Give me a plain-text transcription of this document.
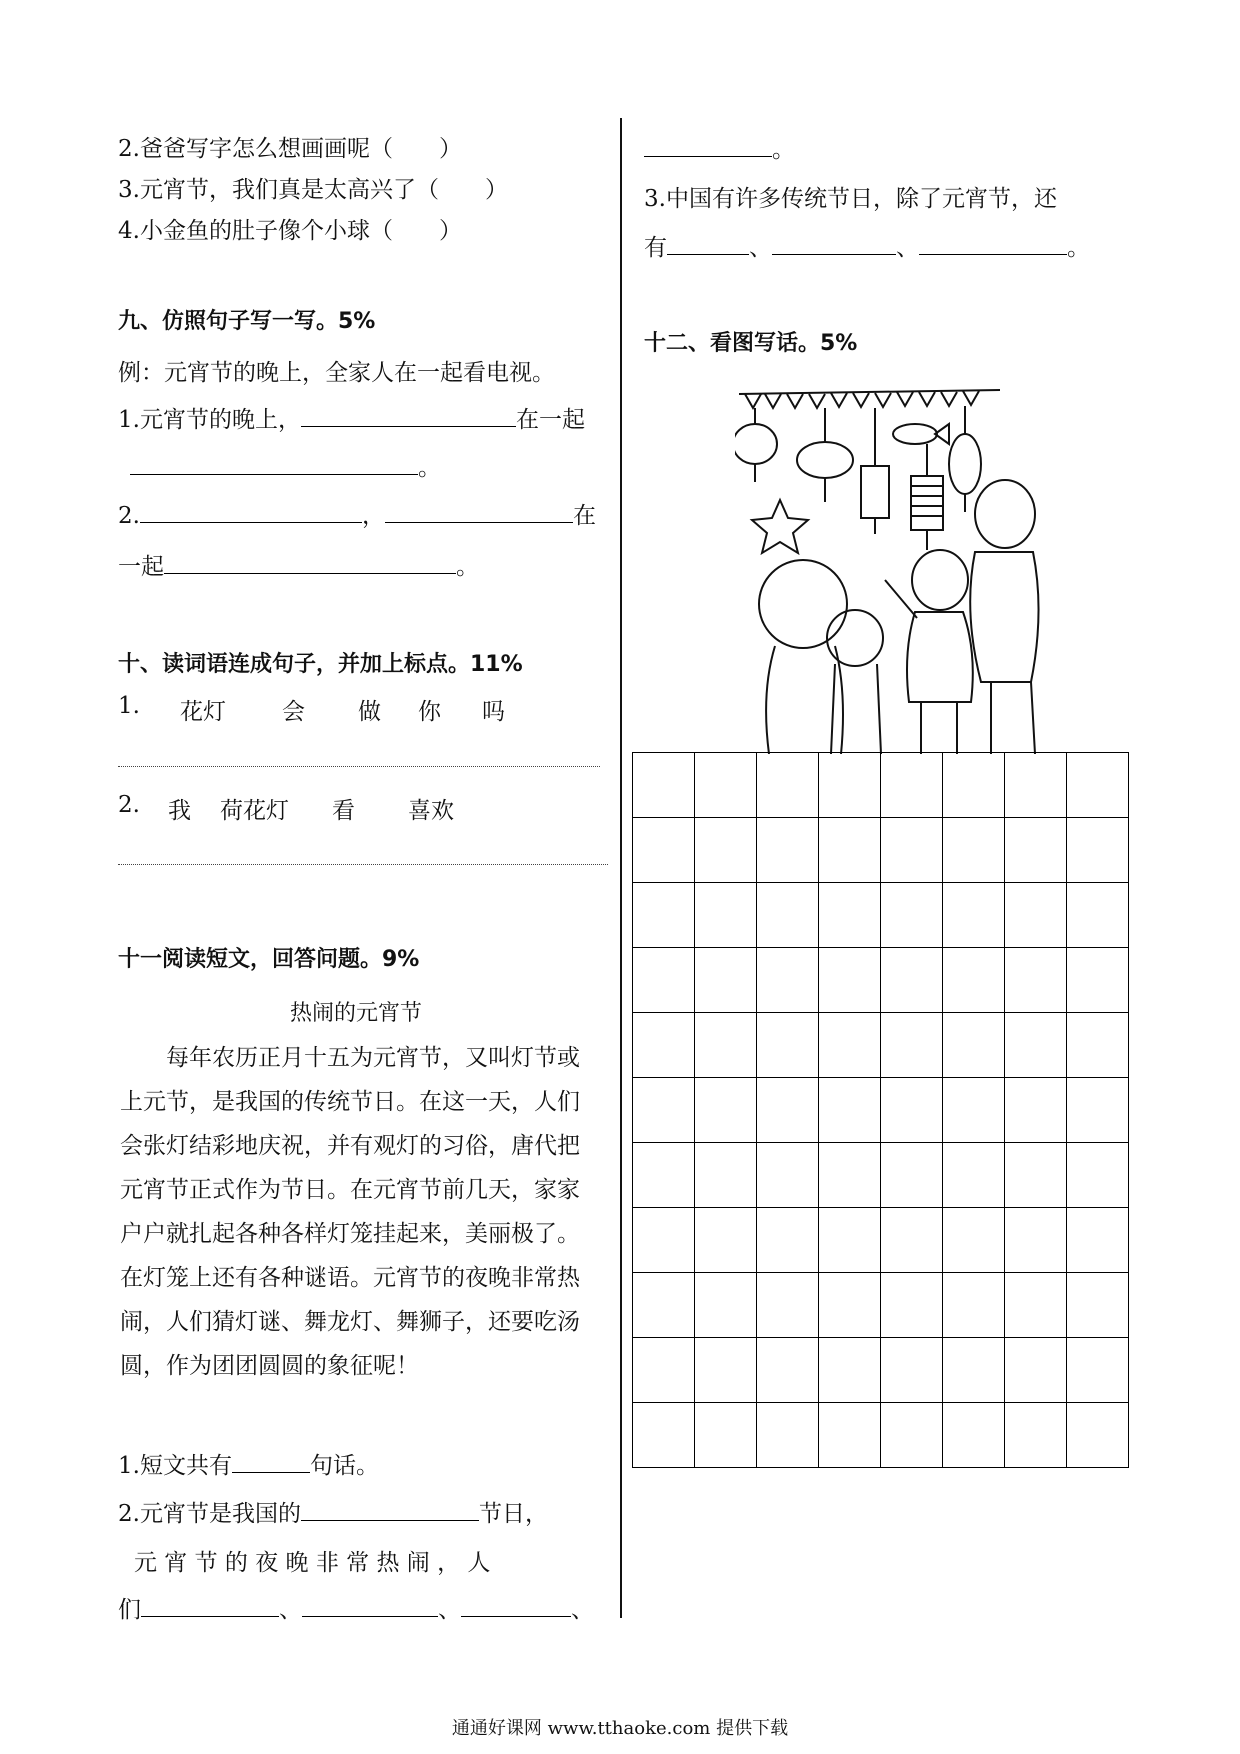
2.爸爸写字怎么想画画呢（　　）
3.元宵节，我们真是太高兴了（　　）
4.小金鱼的肚子像个小球（　　）
九、仿照句子写一写。5%
例：元宵节的晚上，全家人在一起看电视。
1.元宵节的晚上，	在一起
。
2.	，	在
一起	。
十、读词语连成句子，并加上标点。11%
1. 花灯 会 做 你 吗
2. 我 荷花灯 看 喜欢
十一阅读短文，回答问题。9%
热闹的元宵节
　　每年农历正月十五为元宵节，又叫灯节或上元节，是我国的传统节日。在这一天，人们会张灯结彩地庆祝，并有观灯的习俗，唐代把元宵节正式作为节日。在元宵节前几天，家家户户就扎起各种各样灯笼挂起来，美丽极了。在灯笼上还有各种谜语。元宵节的夜晚非常热闹，人们猜灯谜、舞龙灯、舞狮子，还要吃汤圆，作为团团圆圆的象征呢！
1.短文共有	句话。
2.元宵节是我国的	节日，
元 宵 节 的 夜 晚 非 常 热 闹 ， 人
们	、	、	、
。
3.中国有许多传统节日，除了元宵节，还
有	、	、	。
十二、看图写话。5%

通通好课网 www.tthaoke.com 提供下载
